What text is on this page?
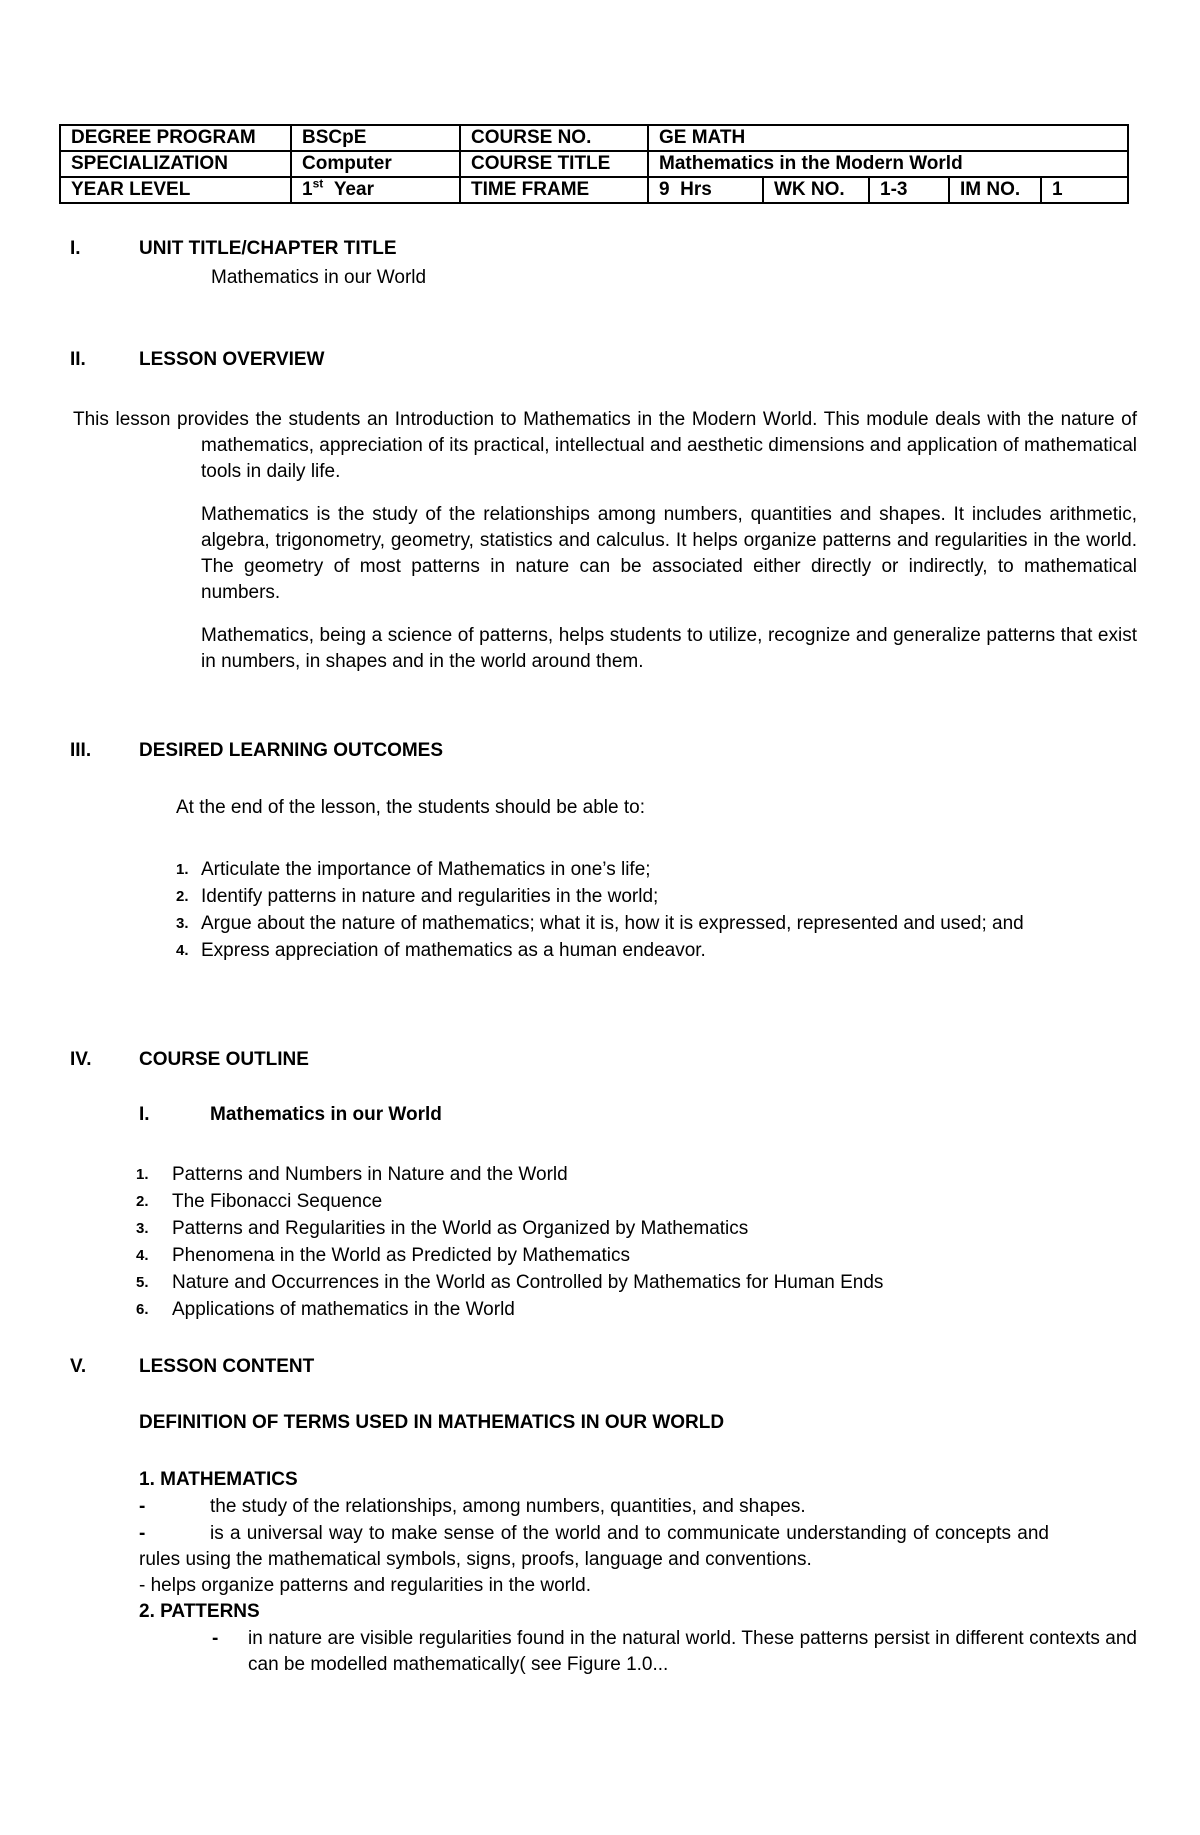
DEGREE PROGRAM	BSCpE	COURSE NO.	GE MATH				
SPECIALIZATION	Computer	COURSE TITLE	Mathematics in the Modern World				
YEAR LEVEL	1st Year	TIME FRAME	9  Hrs	WK NO.	1-3	IM NO.	1
I.	UNIT TITLE/CHAPTER TITLE
Mathematics in our World
II.	LESSON OVERVIEW
This lesson provides the students an Introduction to Mathematics in the Modern World. This module deals with the nature of mathematics, appreciation of its practical, intellectual and aesthetic dimensions and application of mathematical tools in daily life.
Mathematics is the study of the relationships among numbers, quantities and shapes. It includes arithmetic, algebra, trigonometry, geometry, statistics and calculus. It helps organize patterns and regularities in the world. The geometry of most patterns in nature can be associated either directly or indirectly, to mathematical numbers.
Mathematics, being a science of patterns, helps students to utilize, recognize and generalize patterns that exist in numbers, in shapes and in the world around them.
III.	DESIRED LEARNING OUTCOMES
At the end of the lesson, the students should be able to:
1. Articulate the importance of Mathematics in one’s life;
2. Identify patterns in nature and regularities in the world;
3. Argue about the nature of mathematics; what it is, how it is expressed, represented and used; and
4. Express appreciation of mathematics as a human endeavor.
IV.	COURSE OUTLINE
I.	Mathematics in our World
1. Patterns and Numbers in Nature and the World
2. The Fibonacci Sequence
3. Patterns and Regularities in the World as Organized by Mathematics
4. Phenomena in the World as Predicted by Mathematics
5. Nature and Occurrences in the World as Controlled by Mathematics for Human Ends
6. Applications of mathematics in the World
V.	LESSON CONTENT
DEFINITION OF TERMS USED IN MATHEMATICS IN OUR WORLD
1. MATHEMATICS
-	the study of the relationships, among numbers, quantities, and shapes.
-	is a universal way to make sense of the world and to communicate understanding of concepts and rules using the mathematical symbols, signs, proofs, language and conventions.
- helps organize patterns and regularities in the world.
2. PATTERNS
- in nature are visible regularities found in the natural world. These patterns persist in different contexts and can be modelled mathematically( see Figure 1.0...
